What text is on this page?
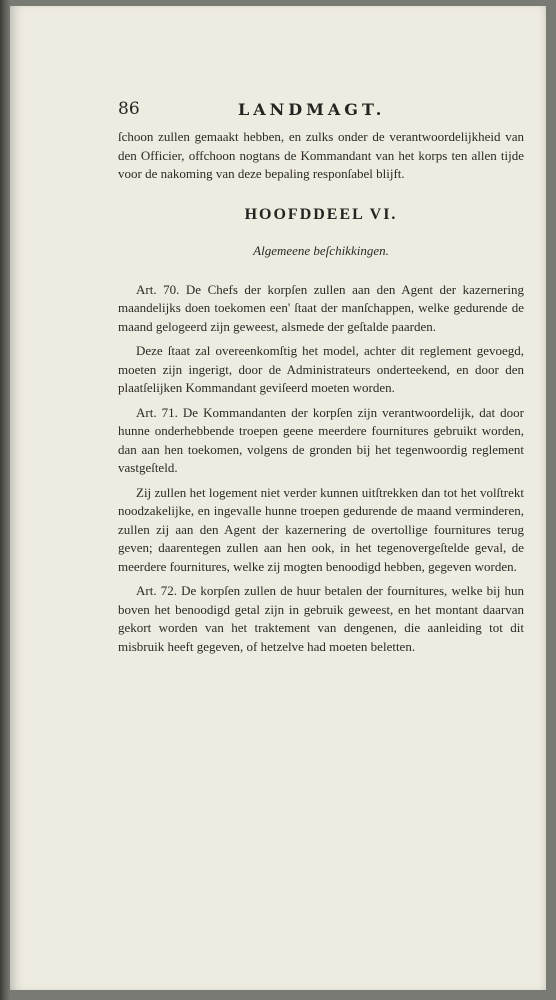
86	LANDMAGT.

ſchoon zullen gemaakt hebben, en zulks onder de verantwoordelijkheid van den Officier, offchoon nogtans de Kommandant van het korps ten allen tijde voor de nakoming van deze bepaling responſabel blijft.

HOOFDDEEL VI.
Algemeene beſchikkingen.

Art. 70. De Chefs der korpſen zullen aan den Agent der kazernering maandelijks doen toekomen een' ſtaat der manſchappen, welke gedurende de maand gelogeerd zijn geweest, alsmede der geſtalde paarden.

Deze ſtaat zal overeenkomſtig het model, achter dit reglement gevoegd, moeten zijn ingerigt, door de Administrateurs onderteekend, en door den plaatſelijken Kommandant geviſeerd moeten worden.

Art. 71. De Kommandanten der korpſen zijn verantwoordelijk, dat door hunne onderhebbende troepen geene meerdere fournitures gebruikt worden, dan aan hen toekomen, volgens de gronden bij het tegenwoordig reglement vastgeſteld.

Zij zullen het logement niet verder kunnen uitſtrekken dan tot het volſtrekt noodzakelijke, en ingevalle hunne troepen gedurende de maand verminderen, zullen zij aan den Agent der kazernering de overtollige fournitures terug geven; daarentegen zullen aan hen ook, in het tegenovergeſtelde geval, de meerdere fournitures, welke zij mogten benoodigd hebben, gegeven worden.

Art. 72. De korpſen zullen de huur betalen der fournitures, welke bij hun boven het benoodigd getal zijn in gebruik geweest, en het montant daarvan gekort worden van het traktement van dengenen, die aanleiding tot dit misbruik heeft gegeven, of hetzelve had moeten beletten.
